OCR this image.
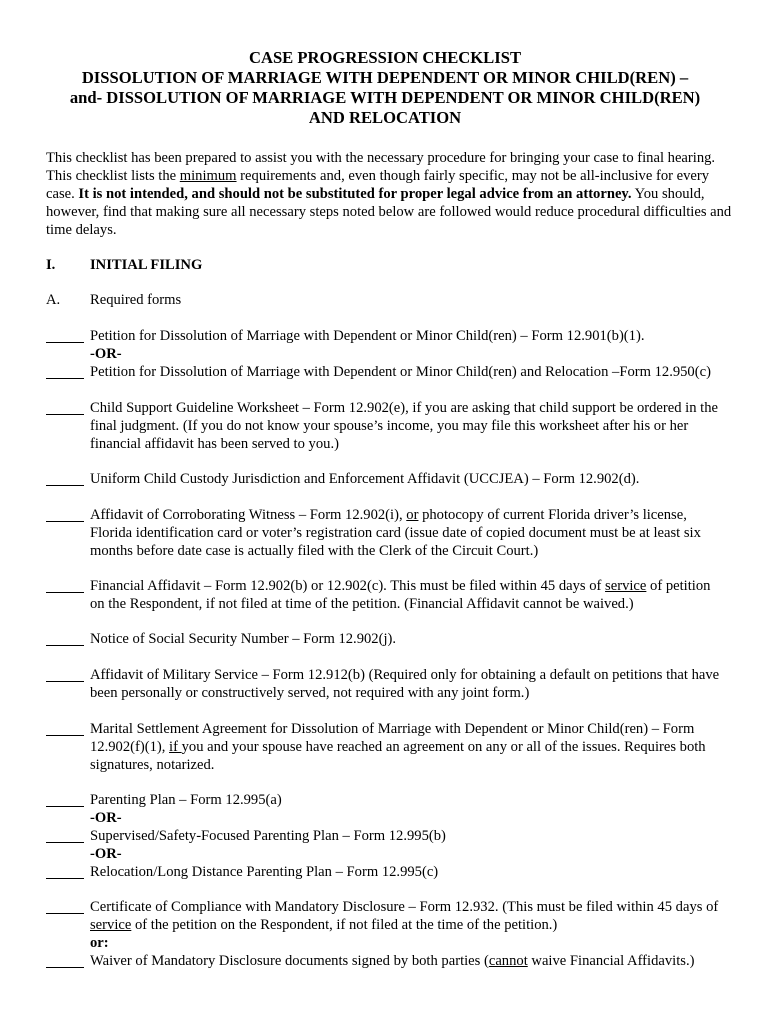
CASE PROGRESSION CHECKLIST
DISSOLUTION OF MARRIAGE WITH DEPENDENT OR MINOR CHILD(REN) –
and- DISSOLUTION OF MARRIAGE WITH DEPENDENT OR MINOR CHILD(REN)
AND RELOCATION

This checklist has been prepared to assist you with the necessary procedure for bringing your case to final hearing. This checklist lists the minimum requirements and, even though fairly specific, may not be all-inclusive for every case. It is not intended, and should not be substituted for proper legal advice from an attorney. You should, however, find that making sure all necessary steps noted below are followed would reduce procedural difficulties and time delays.

I. INITIAL FILING
A. Required forms
Petition for Dissolution of Marriage with Dependent or Minor Child(ren) – Form 12.901(b)(1).
-OR-
Petition for Dissolution of Marriage with Dependent or Minor Child(ren) and Relocation –Form 12.950(c)
Child Support Guideline Worksheet – Form 12.902(e), if you are asking that child support be ordered in the final judgment. (If you do not know your spouse’s income, you may file this worksheet after his or her financial affidavit has been served to you.)
Uniform Child Custody Jurisdiction and Enforcement Affidavit (UCCJEA) – Form 12.902(d).
Affidavit of Corroborating Witness – Form 12.902(i), or photocopy of current Florida driver’s license, Florida identification card or voter’s registration card (issue date of copied document must be at least six months before date case is actually filed with the Clerk of the Circuit Court.)
Financial Affidavit – Form 12.902(b) or 12.902(c). This must be filed within 45 days of service of petition on the Respondent, if not filed at time of the petition. (Financial Affidavit cannot be waived.)
Notice of Social Security Number – Form 12.902(j).
Affidavit of Military Service – Form 12.912(b) (Required only for obtaining a default on petitions that have been personally or constructively served, not required with any joint form.)
Marital Settlement Agreement for Dissolution of Marriage with Dependent or Minor Child(ren) – Form 12.902(f)(1), if you and your spouse have reached an agreement on any or all of the issues. Requires both signatures, notarized.
Parenting Plan – Form 12.995(a)
-OR-
Supervised/Safety-Focused Parenting Plan – Form 12.995(b)
-OR-
Relocation/Long Distance Parenting Plan – Form 12.995(c)
Certificate of Compliance with Mandatory Disclosure – Form 12.932. (This must be filed within 45 days of service of the petition on the Respondent, if not filed at the time of the petition.)
or:
Waiver of Mandatory Disclosure documents signed by both parties (cannot waive Financial Affidavits.)
